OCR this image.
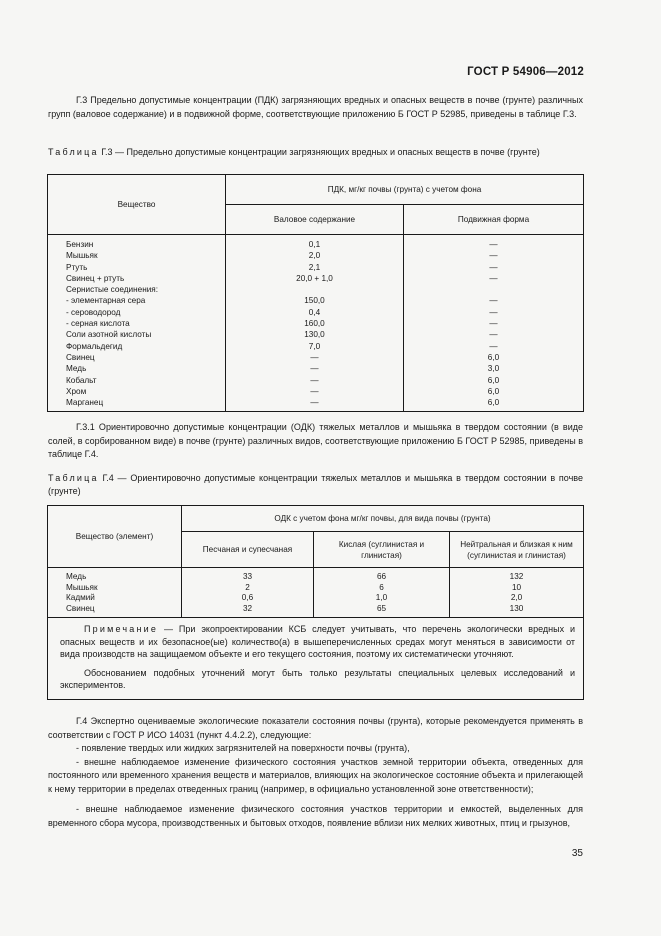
ГОСТ Р 54906—2012

Г.3 Предельно допустимые концентрации (ПДК) загрязняющих вредных и опасных веществ в почве (грунте) различных групп (валовое содержание) и в подвижной форме, соответствующие приложению Б ГОСТ Р 52985, приведены в таблице Г.3.

Таблица Г.3 — Предельно допустимые концентрации загрязняющих вредных и опасных веществ в почве (грунте)

Вещество	ПДК, мг/кг почвы (грунта) с учетом фона	
	Валовое содержание	Подвижная форма
Бензин	0,1	—
Мышьяк	2,0	—
Ртуть	2,1	—
Свинец + ртуть	20,0 + 1,0	—
Сернистые соединения:		
- элементарная сера	150,0	—
- сероводород	0,4	—
- серная кислота	160,0	—
Соли азотной кислоты	130,0	—
Формальдегид	7,0	—
Свинец	—	6,0
Медь	—	3,0
Кобальт	—	6,0
Хром	—	6,0
Марганец	—	6,0

Г.3.1 Ориентировочно допустимые концентрации (ОДК) тяжелых металлов и мышьяка в твердом состоянии (в виде солей, в сорбированном виде) в почве (грунте) различных видов, соответствующие приложению Б ГОСТ Р 52985, приведены в таблице Г.4.

Таблица Г.4 — Ориентировочно допустимые концентрации тяжелых металлов и мышьяка в твердом состоянии в почве (грунте)

Вещество (элемент)	ОДК с учетом фона мг/кг почвы, для вида почвы (грунта)		
	Песчаная и супесчаная	Кислая (суглинистая и глинистая)	Нейтральная и близкая к ним (суглинистая и глинистая)
Медь	33	66	132
Мышьяк	2	6	10
Кадмий	0,6	1,0	2,0
Свинец	32	65	130

Примечание — При экопроектировании КСБ следует учитывать, что перечень экологически вредных и опасных веществ и их безопасное(ые) количество(а) в вышеперечисленных средах могут меняться в зависимости от вида производств на защищаемом объекте и его текущего состояния, поэтому их систематически уточняют.

Обоснованием подобных уточнений могут быть только результаты специальных целевых исследований и экспериментов.			

Г.4 Экспертно оцениваемые экологические показатели состояния почвы (грунта), которые рекомендуется применять в соответствии с ГОСТ Р ИСО 14031 (пункт 4.4.2.2), следующие:

- появление твердых или жидких загрязнителей на поверхности почвы (грунта),

- внешне наблюдаемое изменение физического состояния участков земной территории объекта, отведенных для постоянного или временного хранения веществ и материалов, влияющих на экологическое состояние объекта и прилегающей к нему территории в пределах отведенных границ (например, в официально установленной зоне ответственности);

- внешне наблюдаемое изменение физического состояния участков территории и емкостей, выделенных для временного сбора мусора, производственных и бытовых отходов, появление вблизи них мелких животных, птиц и грызунов,

35
